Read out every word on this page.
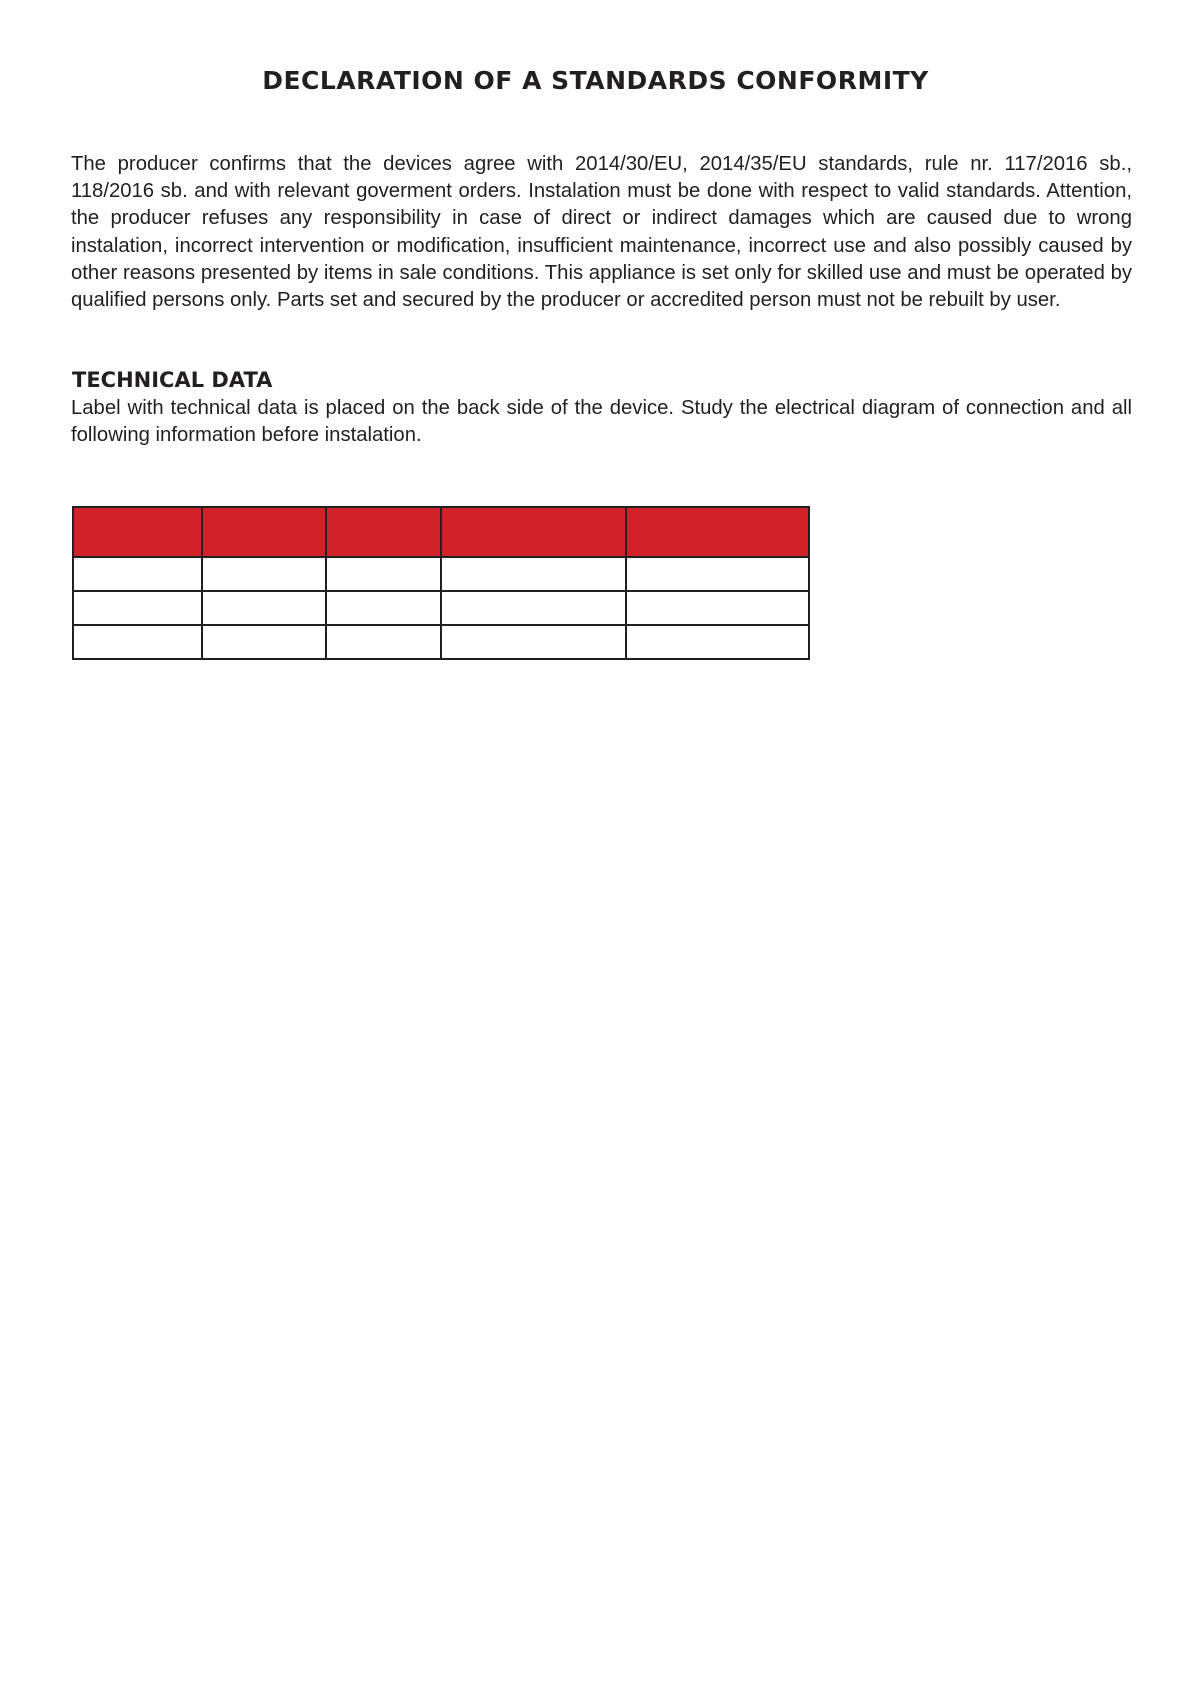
DECLARATION OF A STANDARDS CONFORMITY
The producer confirms that the devices agree with 2014/30/EU, 2014/35/EU standards, rule nr. 117/2016 sb., 118/2016 sb. and with relevant goverment orders. Instalation must be done with respect to valid standards. Attention, the producer refuses any responsibility in case of direct or indirect damages which are caused due to wrong instalation, incorrect intervention or modification, insufficient maintenance, incorrect use and also possibly caused by other reasons presented by items in sale conditions. This appliance is set only for skilled use and must be operated by qualified persons only. Parts set and secured by the producer or accredited person must not be rebuilt by user.
TECHNICAL DATA
Label with technical data is placed on the back side of the device. Study the electrical diagram of connection and all following information before instalation.
